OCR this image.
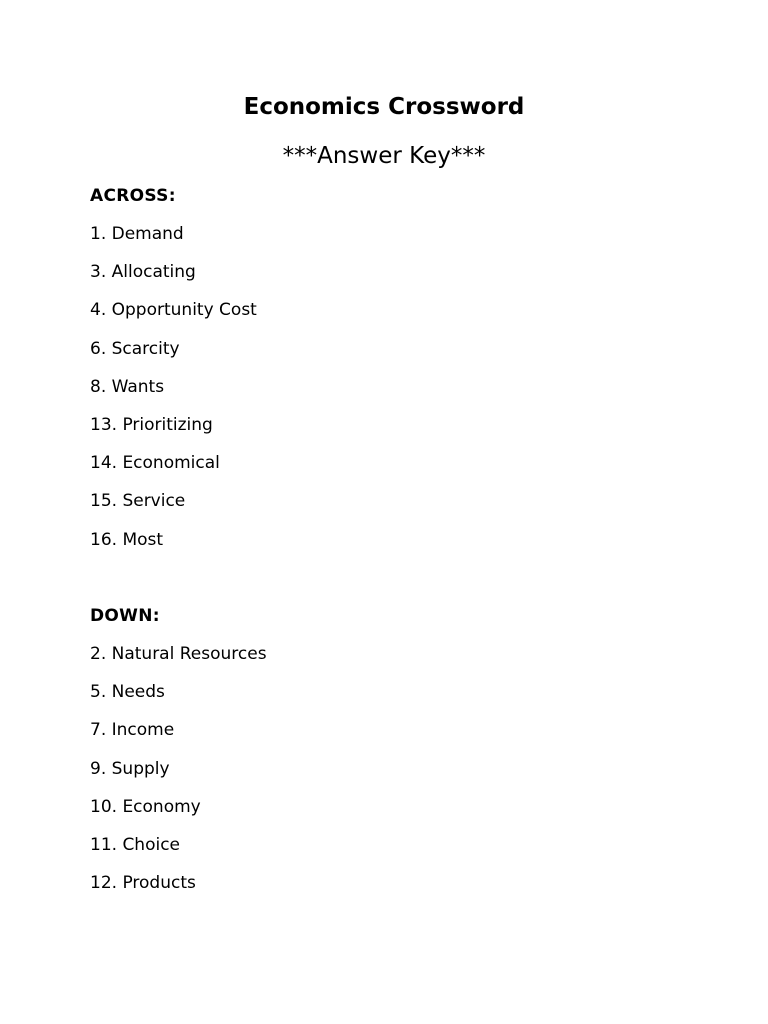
Economics Crossword
***Answer Key***
ACROSS:
1. Demand
3. Allocating
4. Opportunity Cost
6. Scarcity
8. Wants
13. Prioritizing
14. Economical
15. Service
16. Most
DOWN:
2. Natural Resources
5. Needs
7. Income
9. Supply
10. Economy
11. Choice
12. Products
